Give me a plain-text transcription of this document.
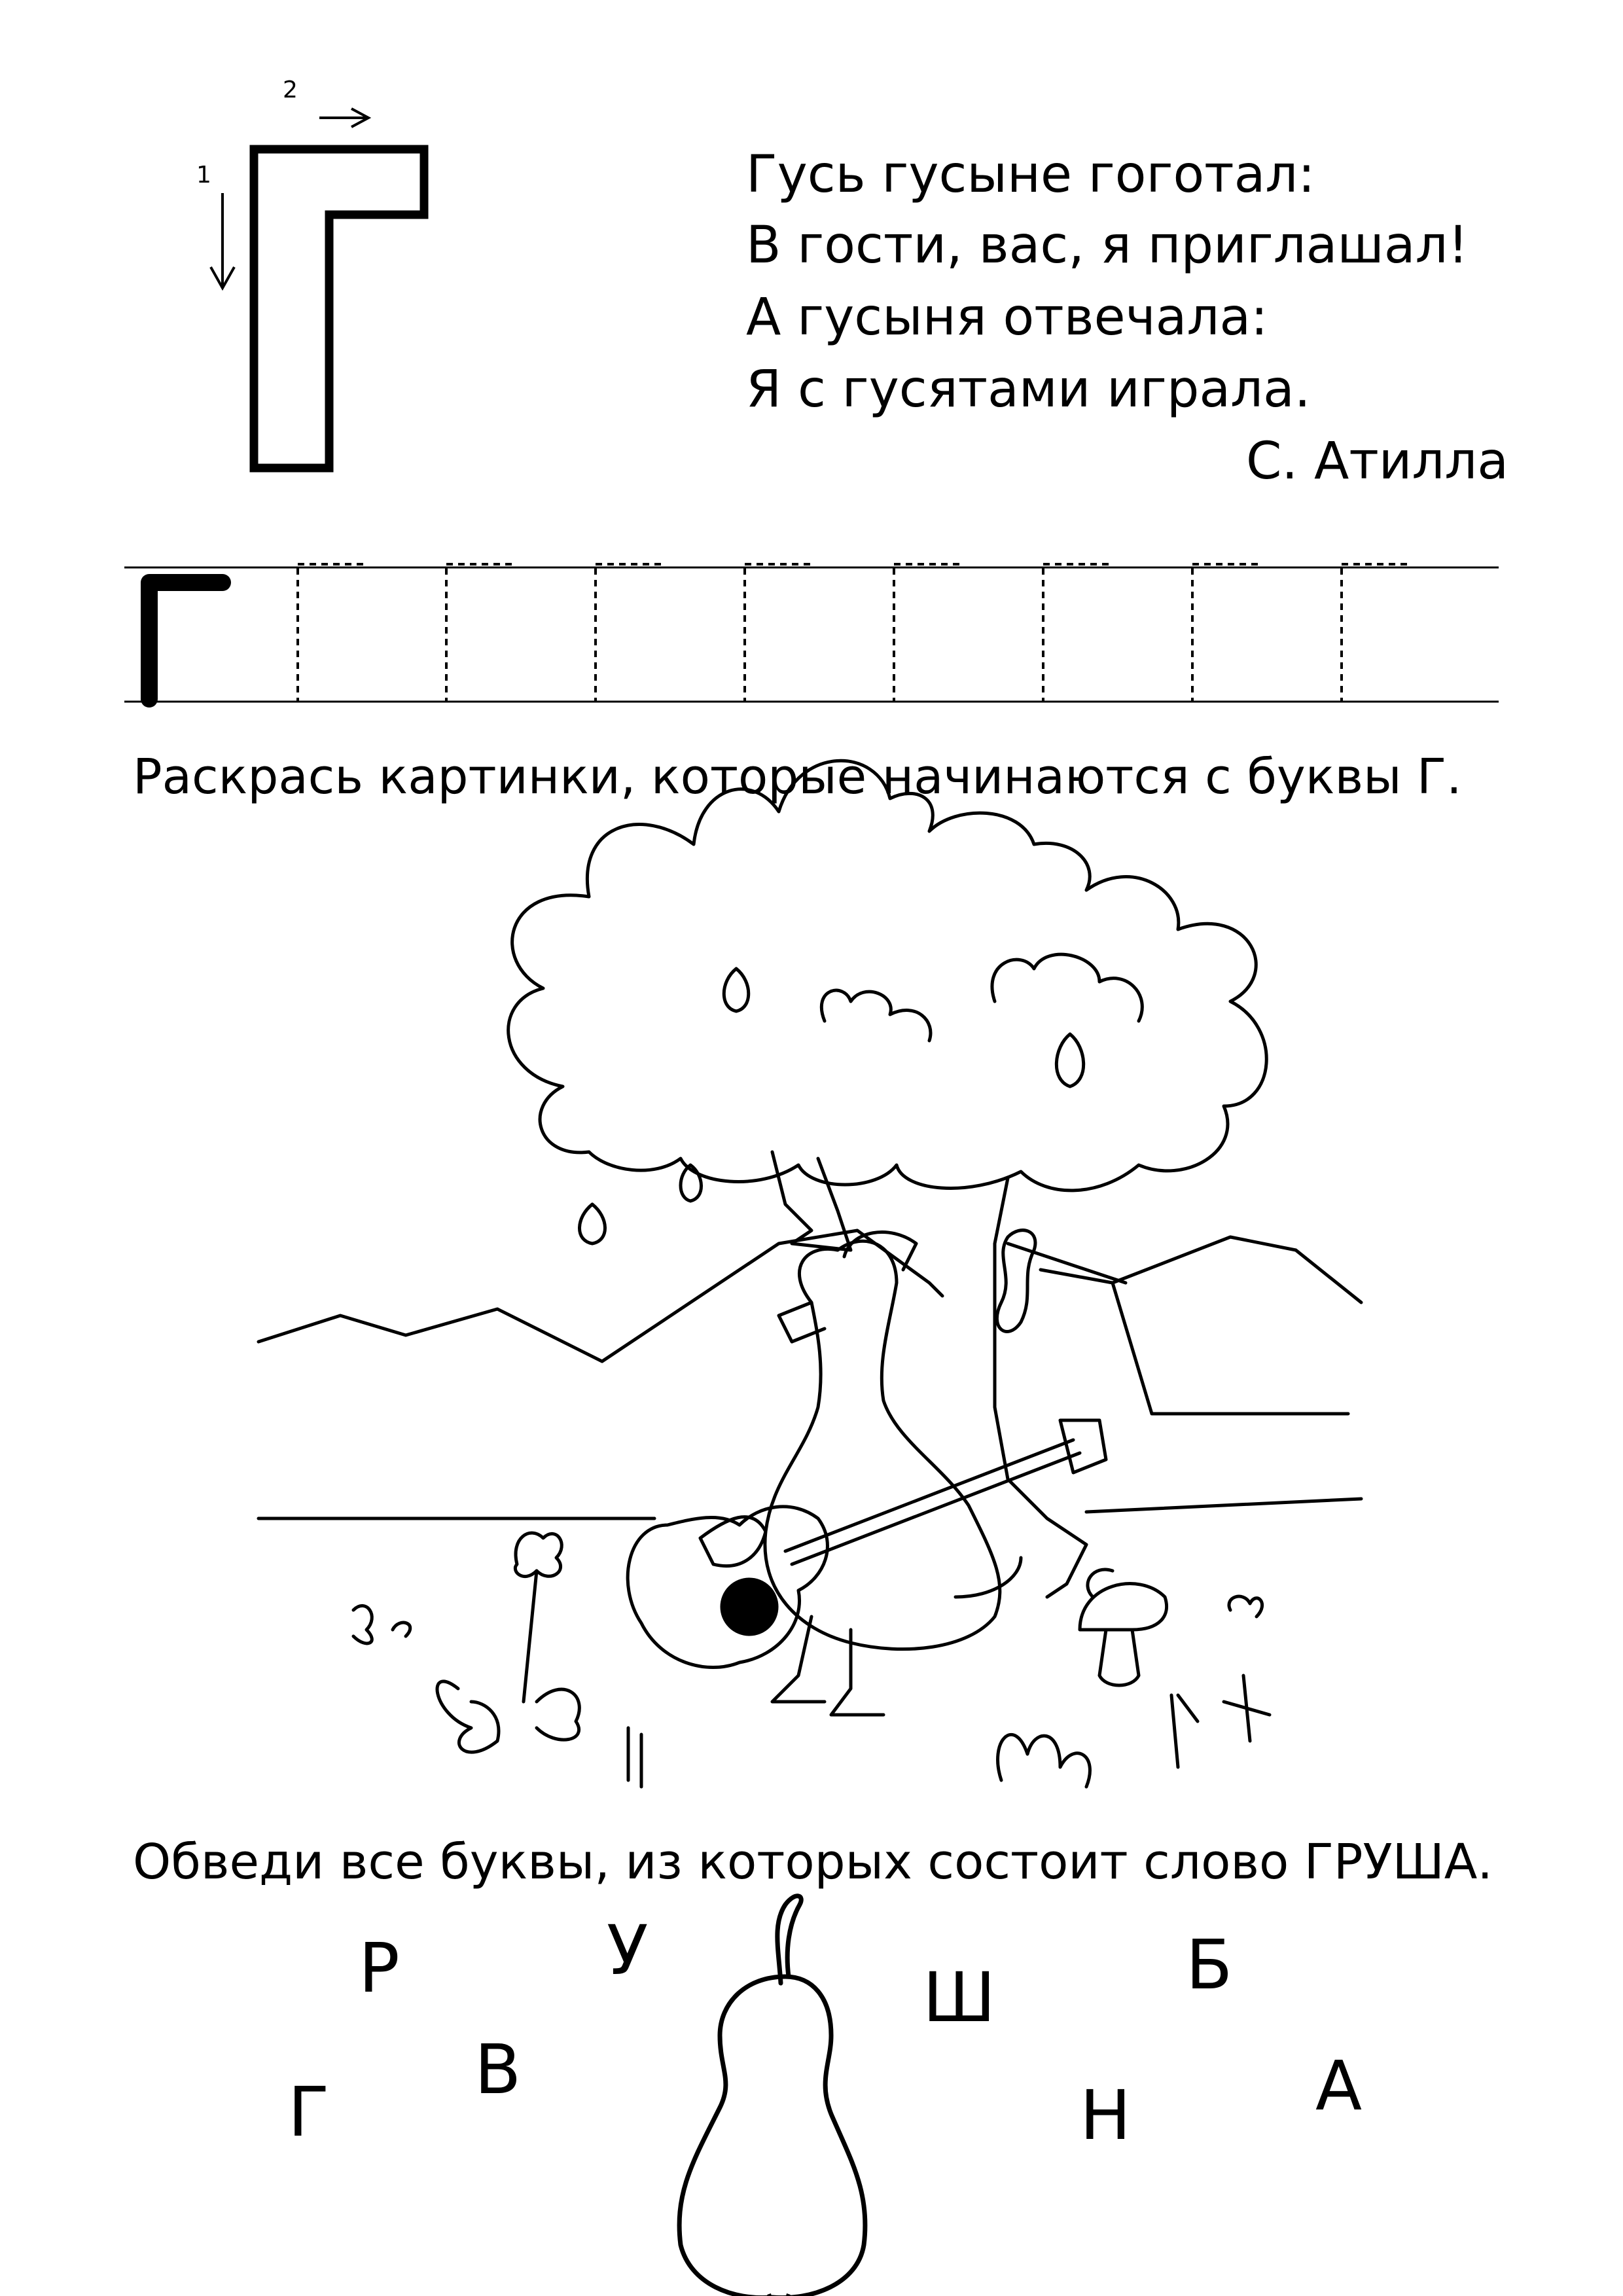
1
2
Гусь гусыне гоготал:
В гости, вас, я приглашал!
А гусыня отвечала:
Я с гусятами играла.
С. Атилла
Раскрась картинки, которые начинаются с буквы Г.
Обведи все буквы, из которых состоит слово ГРУША.
Р	У
Ш	Б
В
Г	Н	А
